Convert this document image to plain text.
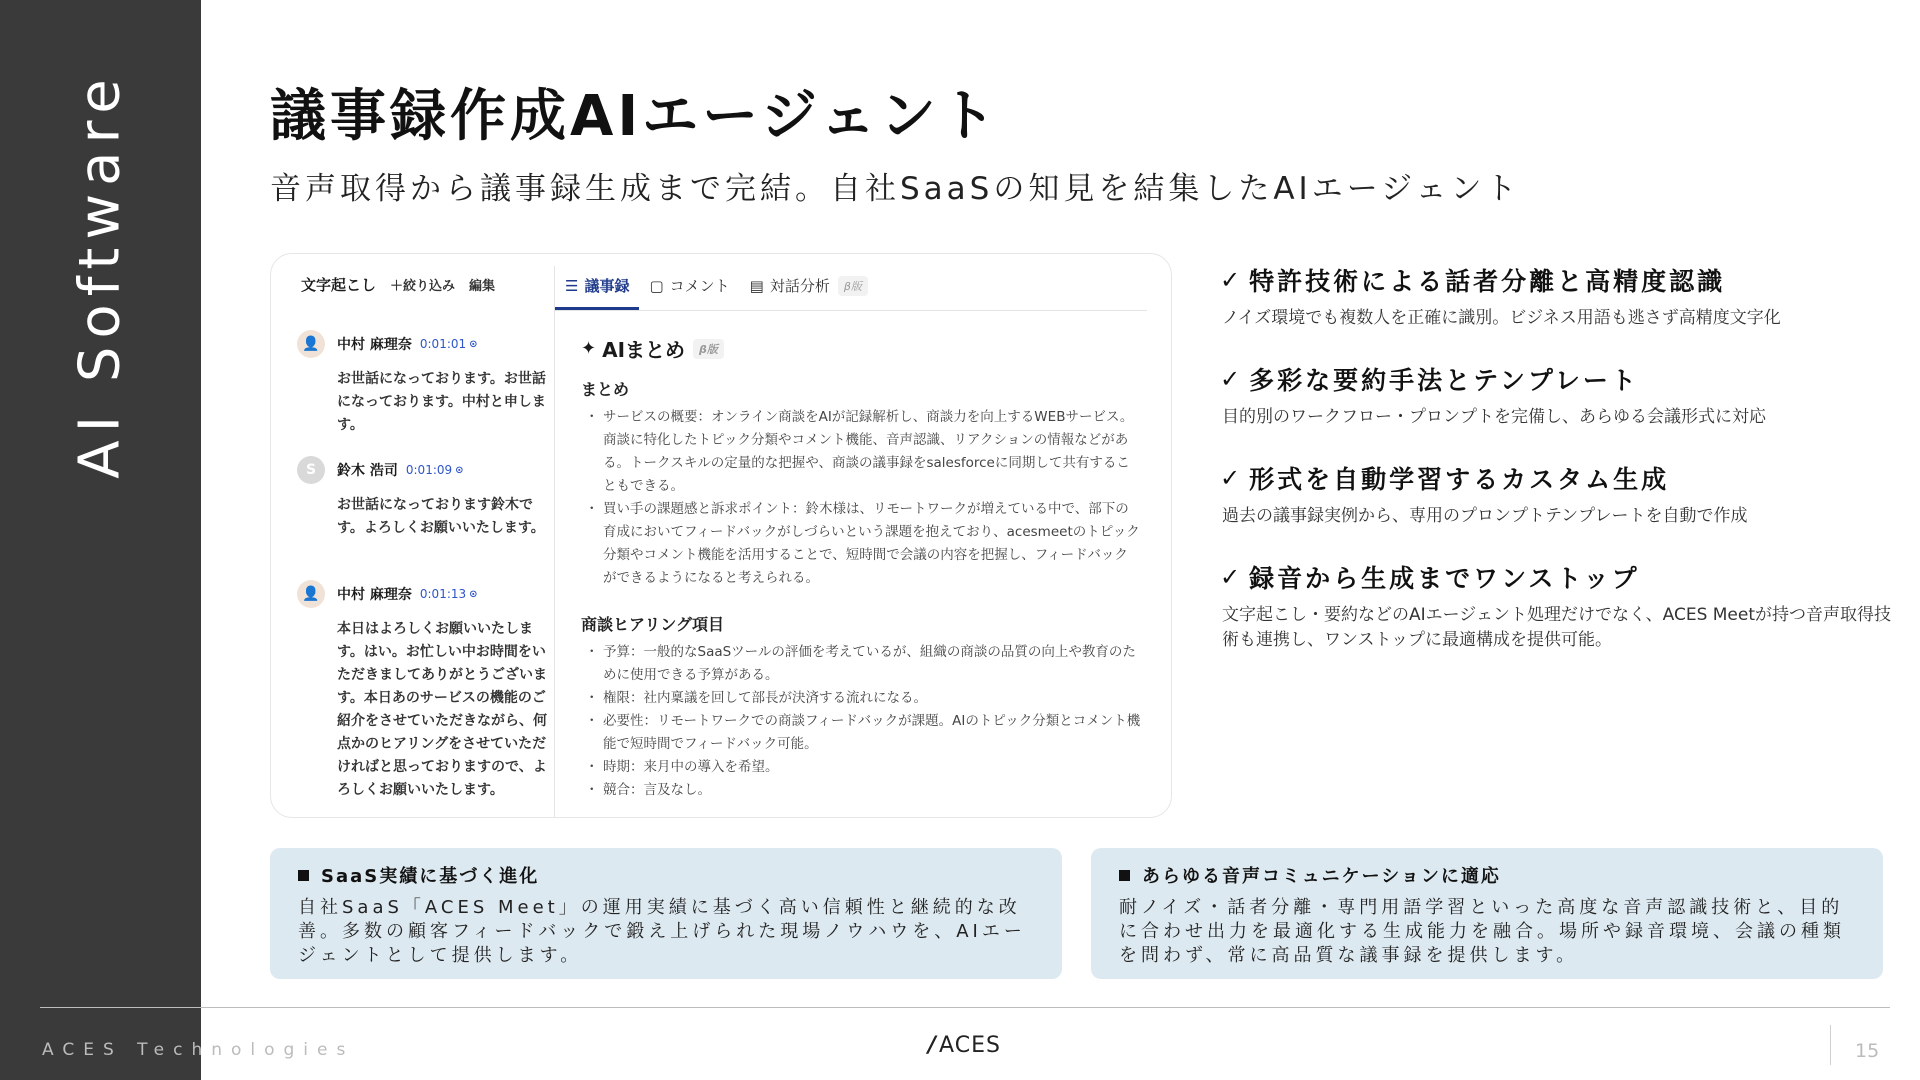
AI Software 議事録作成AIエージェント
音声取得から議事録生成まで完結。自社SaaSの知見を結集したAIエージェント
文字起こし ＋絞り込み 編集	☰ 議事録 ▢ コメント ▤ 対話分析	β版
👤	中村 麻理奈 0:01:01 ⊙
お世話になっております。お世話になっております。中村と申します。
S	鈴木 浩司 0:01:09 ⊙
お世話になっております鈴木です。よろしくお願いいたします。
👤	中村 麻理奈 0:01:13 ⊙
本日はよろしくお願いいたします。はい。お忙しい中お時間をいただきましてありがとうございます。本日あのサービスの機能のご紹介をさせていただきながら、何点かのヒアリングをさせていただければと思っておりますので、よろしくお願いいたします。
✦ AIまとめ	β版
まとめ
・ サービスの概要：オンライン商談をAIが記録解析し、商談力を向上するWEBサービス。商談に特化したトピック分類やコメント機能、音声認識、リアクションの情報などがある。トークスキルの定量的な把握や、商談の議事録をsalesforceに同期して共有することもできる。
・ 買い手の課題感と訴求ポイント：鈴木様は、リモートワークが増えている中で、部下の育成においてフィードバックがしづらいという課題を抱えており、acesmeetのトピック分類やコメント機能を活用することで、短時間で会議の内容を把握し、フィードバックができるようになると考えられる。
商談ヒアリング項目
・ 予算：一般的なSaaSツールの評価を考えているが、組織の商談の品質の向上や教育のために使用できる予算がある。
・ 権限：社内稟議を回して部長が決済する流れになる。
・ 必要性：リモートワークでの商談フィードバックが課題。AIのトピック分類とコメント機能で短時間でフィードバック可能。
・ 時期：来月中の導入を希望。
・ 競合：言及なし。
✓ 特許技術による話者分離と高精度認識
ノイズ環境でも複数人を正確に識別。ビジネス用語も逃さず高精度文字化
✓ 多彩な要約手法とテンプレート
目的別のワークフロー・プロンプトを完備し、あらゆる会議形式に対応
✓ 形式を自動学習するカスタム生成
過去の議事録実例から、専用のプロンプトテンプレートを自動で作成
✓ 録音から生成までワンストップ
文字起こし・要約などのAIエージェント処理だけでなく、ACES Meetが持つ音声取得技術も連携し、ワンストップに最適構成を提供可能。
SaaS実績に基づく進化
自社SaaS「ACES Meet」の運用実績に基づく高い信頼性と継続的な改善。多数の顧客フィードバックで鍛え上げられた現場ノウハウを、AIエージェントとして提供します。
あらゆる音声コミュニケーションに適応
耐ノイズ・話者分離・専門用語学習といった高度な音声認識技術と、目的に合わせ出力を最適化する生成能力を融合。場所や録音環境、会議の種類を問わず、常に高品質な議事録を提供します。
ACES Technologies	/ ACES	15
